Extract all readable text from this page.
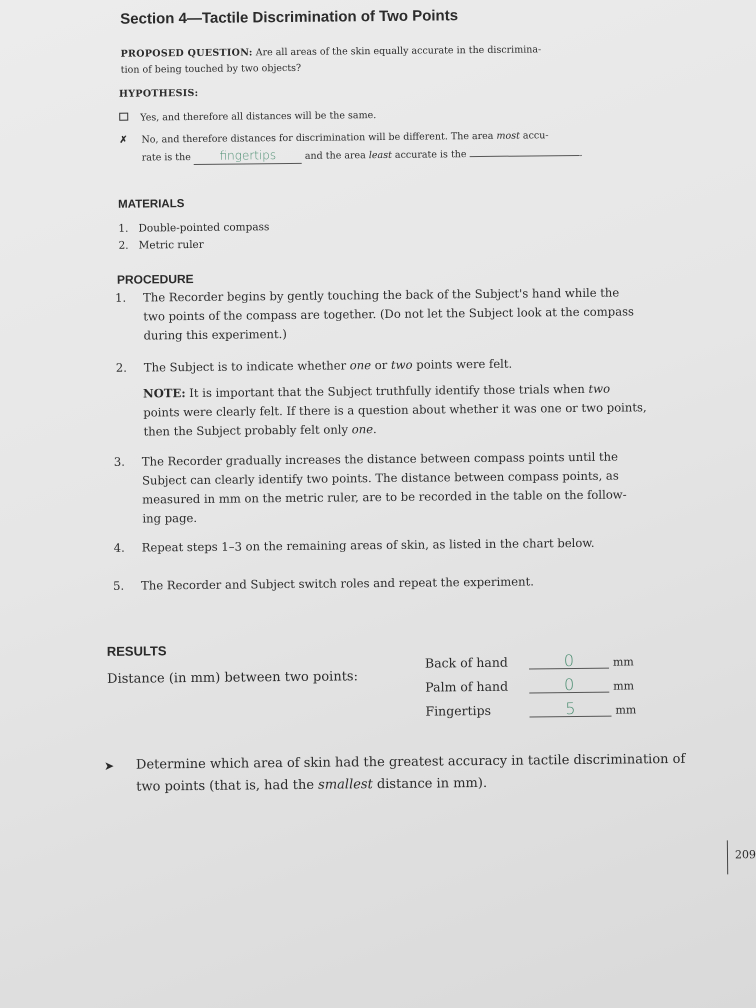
Section 4—Tactile Discrimination of Two Points
PROPOSED QUESTION: Are all areas of the skin equally accurate in the discrimina-
tion of being touched by two objects?
HYPOTHESIS:
Yes, and therefore all distances will be the same.
✗ No, and therefore distances for discrimination will be different. The area most accu-
rate is the fingertips	and the area least accurate is the	.
MATERIALS
1.   Double-pointed compass
2.   Metric ruler
PROCEDURE
1. The Recorder begins by gently touching the back of the Subject's hand while the
two points of the compass are together. (Do not let the Subject look at the compass
during this experiment.)
2. The Subject is to indicate whether one or two points were felt.
NOTE: It is important that the Subject truthfully identify those trials when two
points were clearly felt. If there is a question about whether it was one or two points,
then the Subject probably felt only one.
3. The Recorder gradually increases the distance between compass points until the
Subject can clearly identify two points. The distance between compass points, as
measured in mm on the metric ruler, are to be recorded in the table on the follow-
ing page.
4. Repeat steps 1–3 on the remaining areas of skin, as listed in the chart below.
5. The Recorder and Subject switch roles and repeat the experiment.
RESULTS
Distance (in mm) between two points:
Back of hand	0	mm
Palm of hand	0	mm
Fingertips	5	mm
➤ Determine which area of skin had the greatest accuracy in tactile discrimination of
two points (that is, had the smallest distance in mm).
209
